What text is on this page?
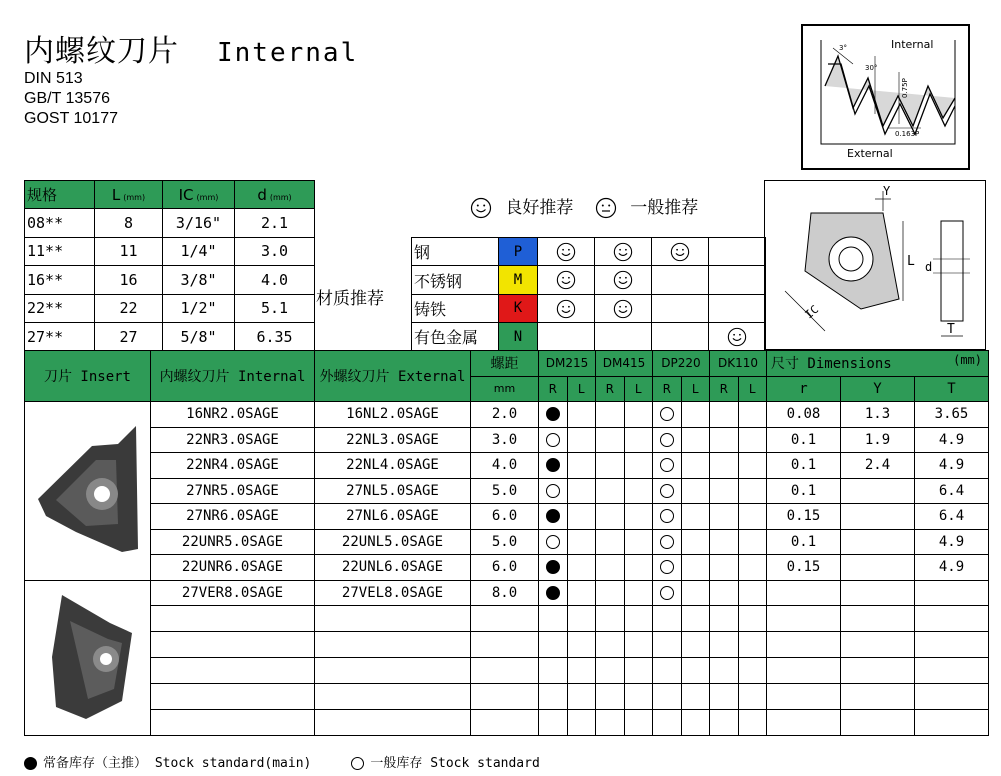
内螺纹刀片 Internal
DIN 513
GB/T 13576
GOST 10177
3°
30°
Internal
0.75P
0.163P
External
规格	L (mm)	IC (mm)	d (mm)
08**	8	3/16"	2.1
11**	11	1/4"	3.0
16**	16	3/8"	4.0
22**	22	1/2"	5.1
27**	27	5/8"	6.35
良好推荐	一般推荐
材质推荐
钢	P				
不锈钢	M				
铸铁	K				
有色金属	N				
Y
L
IC
d
T
刀片 Insert	内螺纹刀片 Internal	外螺纹刀片 External	螺距	DM215		DM415		DP220		DK110		尺寸 Dimensions (mm)		

			mm	R	L	R	L	R	L	R	L	r	Y	T
	16NR2.0SAGE	16NL2.0SAGE	2.0									0.08	1.3	3.65
	22NR3.0SAGE	22NL3.0SAGE	3.0									0.1	1.9	4.9
	22NR4.0SAGE	22NL4.0SAGE	4.0									0.1	2.4	4.9
	27NR5.0SAGE	27NL5.0SAGE	5.0									0.1		6.4
	27NR6.0SAGE	27NL6.0SAGE	6.0									0.15		6.4
	22UNR5.0SAGE	22UNL5.0SAGE	5.0									0.1		4.9
	22UNR6.0SAGE	22UNL6.0SAGE	6.0									0.15		4.9
	27VER8.0SAGE	27VEL8.0SAGE	8.0											

常备库存（主推） Stock standard(main)	一般库存 Stock standard
